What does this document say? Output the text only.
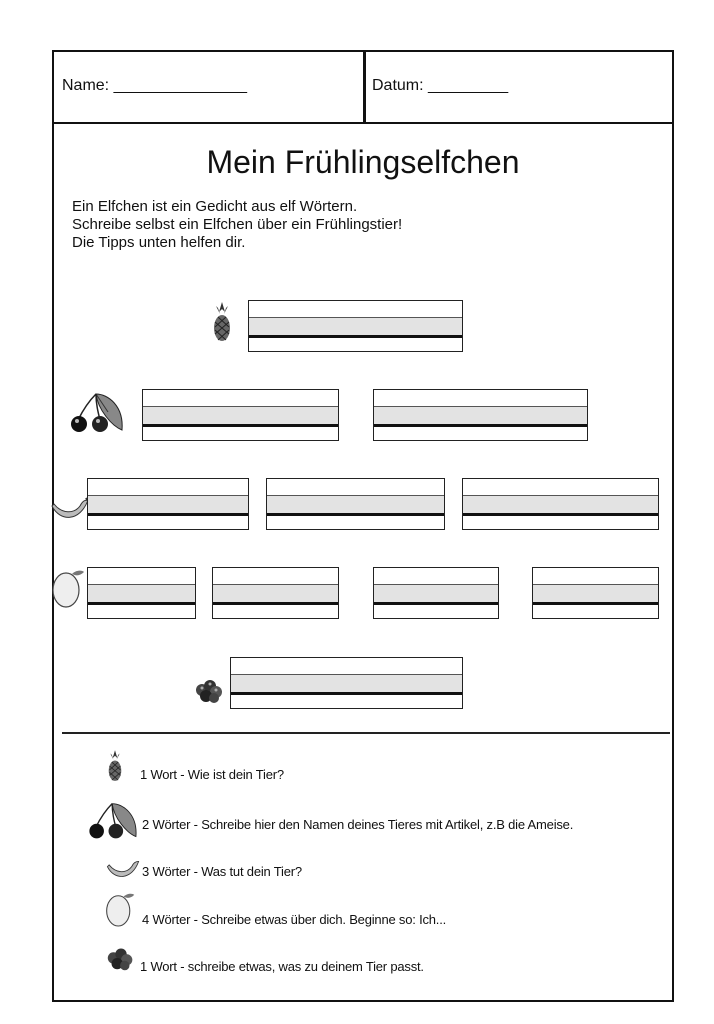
Name: _______________	Datum: _________
Mein Frühlingselfchen
Ein Elfchen ist ein Gedicht aus elf Wörtern.
Schreibe selbst ein Elfchen über ein Frühlingstier!
Die Tipps unten helfen dir.
1 Wort - Wie ist dein Tier?
2 Wörter - Schreibe hier den Namen deines Tieres mit Artikel, z.B die Ameise.
3 Wörter - Was tut dein Tier?
4 Wörter - Schreibe etwas über dich. Beginne so: Ich...
1 Wort - schreibe etwas, was zu deinem Tier passt.
